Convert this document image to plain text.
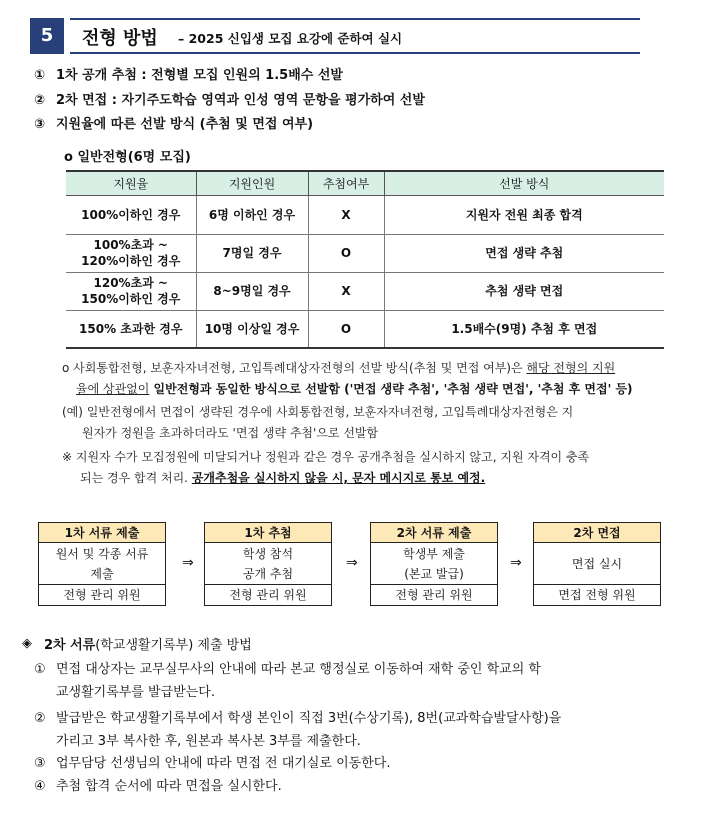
5	전형 방법 – 2025 신입생 모집 요강에 준하여 실시
① 1차 공개 추첨 : 전형별 모집 인원의 1.5배수 선발
② 2차 면접 : 자기주도학습 영역과 인성 영역 문항을 평가하여 선발
③ 지원율에 따른 선발 방식 (추첨 및 면접 여부)
o 일반전형(6명 모집)
지원율	지원인원	추첨여부	선발 방식
100%이하인 경우	6명 이하인 경우	X	지원자 전원 최종 합격
100%초과 ~
120%이하인 경우	7명일 경우	O	면접 생략 추첨
120%초과 ~
150%이하인 경우	8~9명일 경우	X	추첨 생략 면접
150% 초과한 경우	10명 이상일 경우	O	1.5배수(9명) 추첨 후 면접
o 사회통합전형, 보훈자자녀전형, 고입특례대상자전형의 선발 방식(추첨 및 면접 여부)은 해당 전형의 지원
율에 상관없이 일반전형과 동일한 방식으로 선발함 ('면접 생략 추첨', '추첨 생략 면접', '추첨 후 면접' 등)
(예) 일반전형에서 면접이 생략된 경우에 사회통합전형, 보훈자자녀전형, 고입특례대상자전형은 지
원자가 정원을 초과하더라도 '면접 생략 추첨'으로 선발함
※ 지원자 수가 모집정원에 미달되거나 정원과 같은 경우 공개추첨을 실시하지 않고, 지원 자격이 충족
되는 경우 합격 처리. 공개추첨을 실시하지 않을 시, 문자 메시지로 통보 예정.
1차 서류 제출
원서 및 각종 서류
제출
전형 관리 위원
⇒
1차 추첨
학생 참석
공개 추첨
전형 관리 위원
⇒
2차 서류 제출
학생부 제출
(본교 발급)
전형 관리 위원
⇒
2차 면접
면접 실시
면접 전형 위원
◈ 2차 서류(학교생활기록부) 제출 방법
① 면접 대상자는 교무실무사의 안내에 따라 본교 행정실로 이동하여 재학 중인 학교의 학
교생활기록부를 발급받는다.
② 발급받은 학교생활기록부에서 학생 본인이 직접 3번(수상기록), 8번(교과학습발달사항)을
가리고 3부 복사한 후, 원본과 복사본 3부를 제출한다.
③ 업무담당 선생님의 안내에 따라 면접 전 대기실로 이동한다.
④ 추첨 합격 순서에 따라 면접을 실시한다.
